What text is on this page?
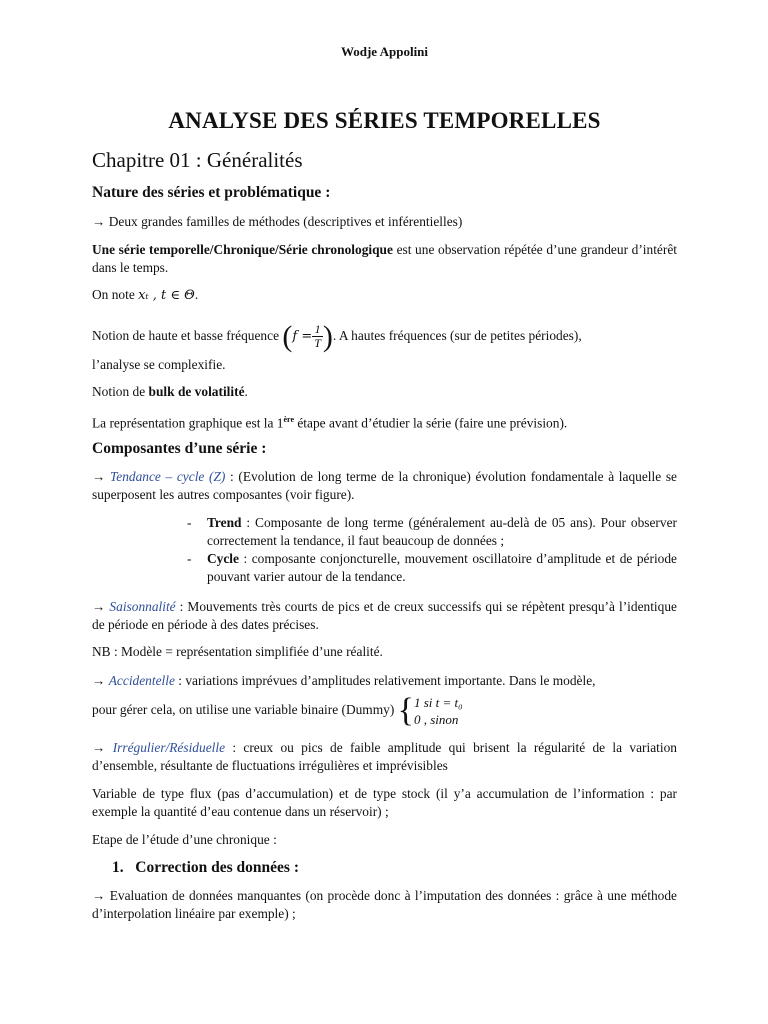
Wodje Appolini
ANALYSE DES SÉRIES TEMPORELLES
Chapitre 01 : Généralités
Nature des séries et problématique :
→ Deux grandes familles de méthodes (descriptives et inférentielles)
Une série temporelle/Chronique/Série chronologique est une observation répétée d’une grandeur d’intérêt dans le temps.
On note xₜ , t ∈ Θ.
Notion de haute et basse fréquence ($f = \frac{1}{T}$ ). A hautes fréquences (sur de petites périodes),
l’analyse se complexifie.
Notion de bulk de volatilité.
La représentation graphique est la 1ère étape avant d’étudier la série (faire une prévision).
Composantes d’une série :
→ Tendance – cycle (Z) : (Evolution de long terme de la chronique) évolution fondamentale à laquelle se superposent les autres composantes (voir figure).
- Trend : Composante de long terme (généralement au-delà de 05 ans). Pour observer correctement la tendance, il faut beaucoup de données ;
- Cycle : composante conjoncturelle, mouvement oscillatoire d’amplitude et de période pouvant varier autour de la tendance.
→ Saisonnalité : Mouvements très courts de pics et de creux successifs qui se répètent presqu’à l’identique de période en période à des dates précises.
NB : Modèle = représentation simplifiée d’une réalité.
→ Accidentelle : variations imprévues d’amplitudes relativement importante. Dans le modèle,
pour gérer cela, on utilise une variable binaire (Dummy) { 1 si t = t₀
0 , sinon
→ Irrégulier/Résiduelle : creux ou pics de faible amplitude qui brisent la régularité de la variation d’ensemble, résultante de fluctuations irrégulières et imprévisibles
Variable de type flux (pas d’accumulation) et de type stock (il y’a accumulation de l’information : par exemple la quantité d’eau contenue dans un réservoir) ;
Etape de l’étude d’une chronique :
1. Correction des données :
→ Evaluation de données manquantes (on procède donc à l’imputation des données : grâce à une méthode d’interpolation linéaire par exemple) ;
